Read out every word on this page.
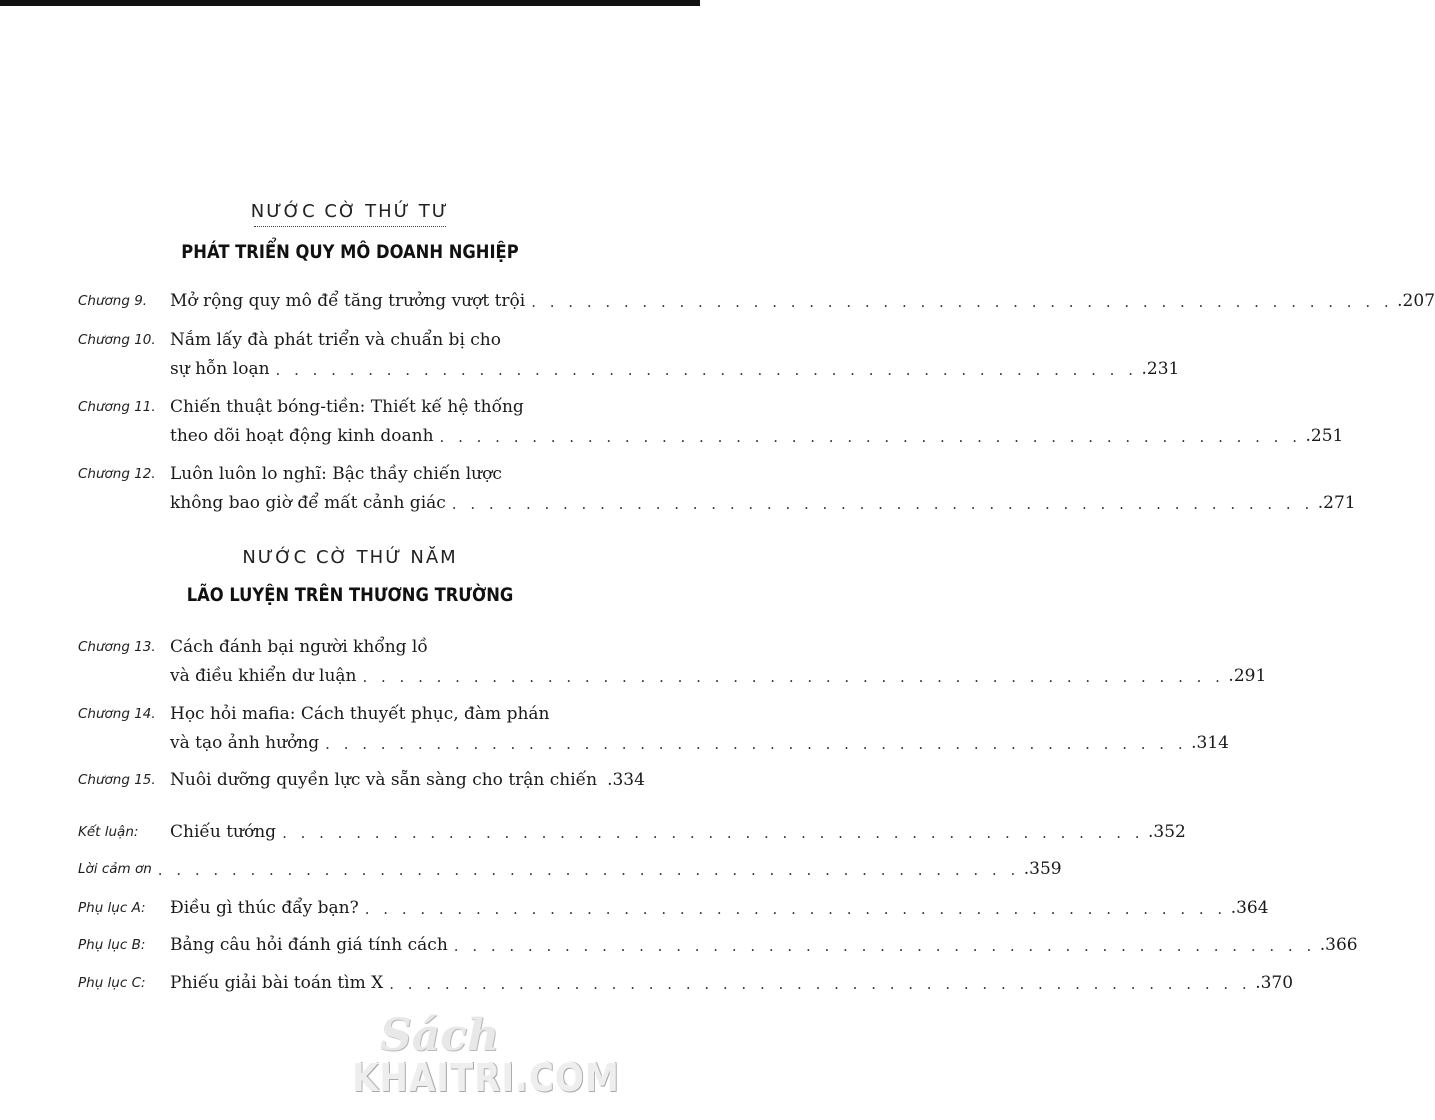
NƯỚC CỜ THỨ TƯ
PHÁT TRIỂN QUY MÔ DOANH NGHIỆP
Chương 9. Mở rộng quy mô để tăng trưởng vượt trội . . . . . . . . . . . . . . . . . . . . . . . . . . . . . . . . . . . . . . . . . . . . . . . .207
Chương 10. Nắm lấy đà phát triển và chuẩn bị cho
sự hỗn loạn . . . . . . . . . . . . . . . . . . . . . . . . . . . . . . . . . . . . . . . . . . . . . . . .231
Chương 11. Chiến thuật bóng-tiền: Thiết kế hệ thống
theo dõi hoạt động kinh doanh . . . . . . . . . . . . . . . . . . . . . . . . . . . . . . . . . . . . . . . . . . . . . . . .251
Chương 12. Luôn luôn lo nghĩ: Bậc thầy chiến lược
không bao giờ để mất cảnh giác . . . . . . . . . . . . . . . . . . . . . . . . . . . . . . . . . . . . . . . . . . . . . . . .271
NƯỚC CỜ THỨ NĂM
LÃO LUYỆN TRÊN THƯƠNG TRƯỜNG
Chương 13. Cách đánh bại người khổng lồ
và điều khiển dư luận . . . . . . . . . . . . . . . . . . . . . . . . . . . . . . . . . . . . . . . . . . . . . . . .291
Chương 14. Học hỏi mafia: Cách thuyết phục, đàm phán
và tạo ảnh hưởng . . . . . . . . . . . . . . . . . . . . . . . . . . . . . . . . . . . . . . . . . . . . . . . .314
Chương 15. Nuôi dưỡng quyền lực và sẵn sàng cho trận chiến .334
Kết luận: Chiếu tướng . . . . . . . . . . . . . . . . . . . . . . . . . . . . . . . . . . . . . . . . . . . . . . . .352
Lời cảm ơn . . . . . . . . . . . . . . . . . . . . . . . . . . . . . . . . . . . . . . . . . . . . . . . .359
Phụ lục A: Điều gì thúc đẩy bạn? . . . . . . . . . . . . . . . . . . . . . . . . . . . . . . . . . . . . . . . . . . . . . . . .364
Phụ lục B: Bảng câu hỏi đánh giá tính cách . . . . . . . . . . . . . . . . . . . . . . . . . . . . . . . . . . . . . . . . . . . . . . . .366
Phụ lục C: Phiếu giải bài toán tìm X . . . . . . . . . . . . . . . . . . . . . . . . . . . . . . . . . . . . . . . . . . . . . . . .370
Sách
KHAITRI.COM
